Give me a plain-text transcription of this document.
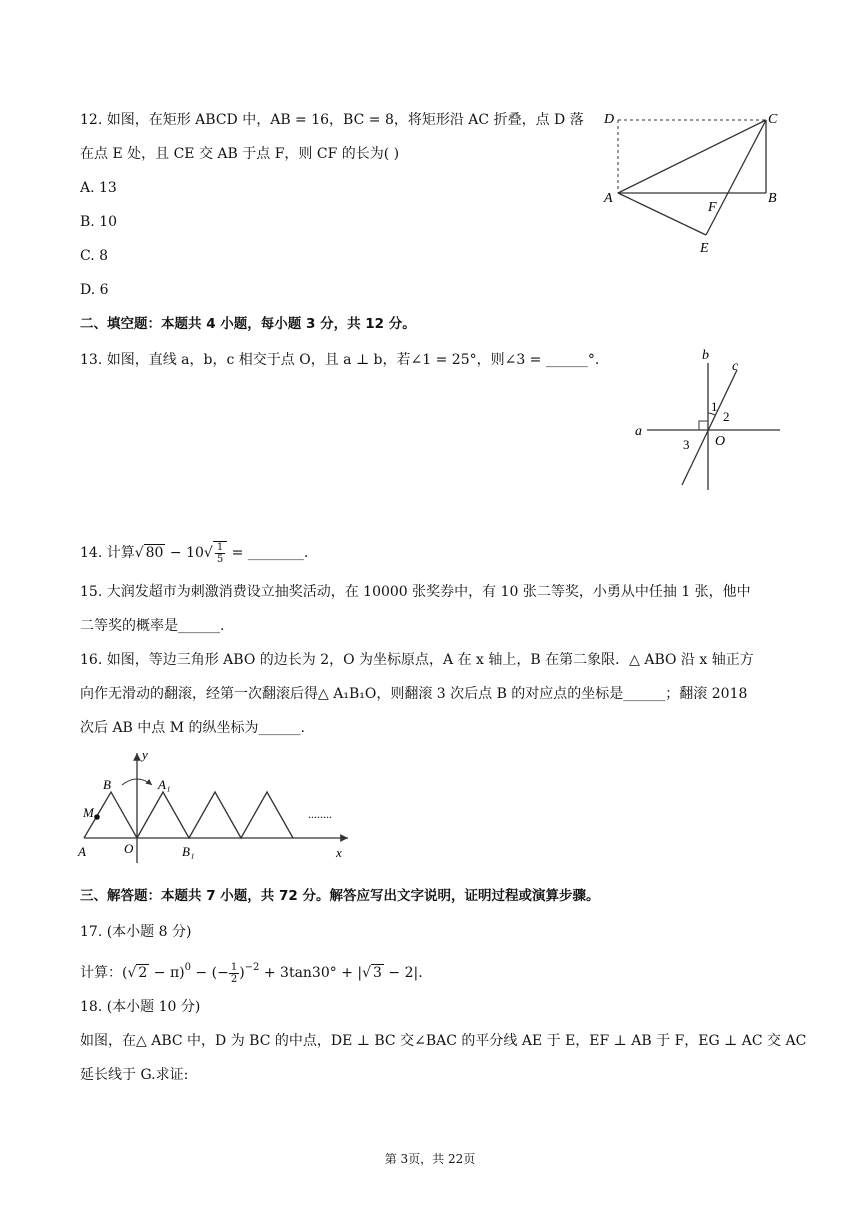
12. 如图，在矩形 ABCD 中，AB = 16，BC = 8，将矩形沿 AC 折叠，点 D 落
在点 E 处，且 CE 交 AB 于点 F，则 CF 的长为( )
A. 13
B. 10
C. 8
D. 6
D	C
A	B
F
E
二、填空题：本题共 4 小题，每小题 3 分，共 12 分。
13. 如图，直线 a，b，c 相交于点 O，且 a ⊥ b，若∠1 = 25°，则∠3 = ______°.
a
b
c
1
2
3 O
14. 计算√ $80 - 10√ \frac{1}{5}$ = ________.
15. 大润发超市为刺激消费设立抽奖活动，在 10000 张奖券中，有 10 张二等奖，小勇从中任抽 1 张，他中
二等奖的概率是______.
16. 如图，等边三角形 ABO 的边长为 2，O 为坐标原点，A 在 x 轴上，B 在第二象限．△ ABO 沿 x 轴正方
向作无滑动的翻滚，经第一次翻滚后得△ A₁B₁O，则翻滚 3 次后点 B 的对应点的坐标是______；翻滚 2018
次后 AB 中点 M 的纵坐标为______.
y
B	A₁
M
A	O	B₁	x
........
三、解答题：本题共 7 小题，共 72 分。解答应写出文字说明，证明过程或演算步骤。
17. (本小题 8 分)
计算：(√ 2 − π)$^0$ − (− $\frac{1}{2} )^{-2} + 3\tan 30^\circ$ + |√ 3 − 2|.
18. (本小题 10 分)
如图，在△ ABC 中，D 为 BC 的中点，DE ⊥ BC 交∠BAC 的平分线 AE 于 E，EF ⊥ AB 于 F，EG ⊥ AC 交 AC
延长线于 G.求证:
第 3页，共 22页
